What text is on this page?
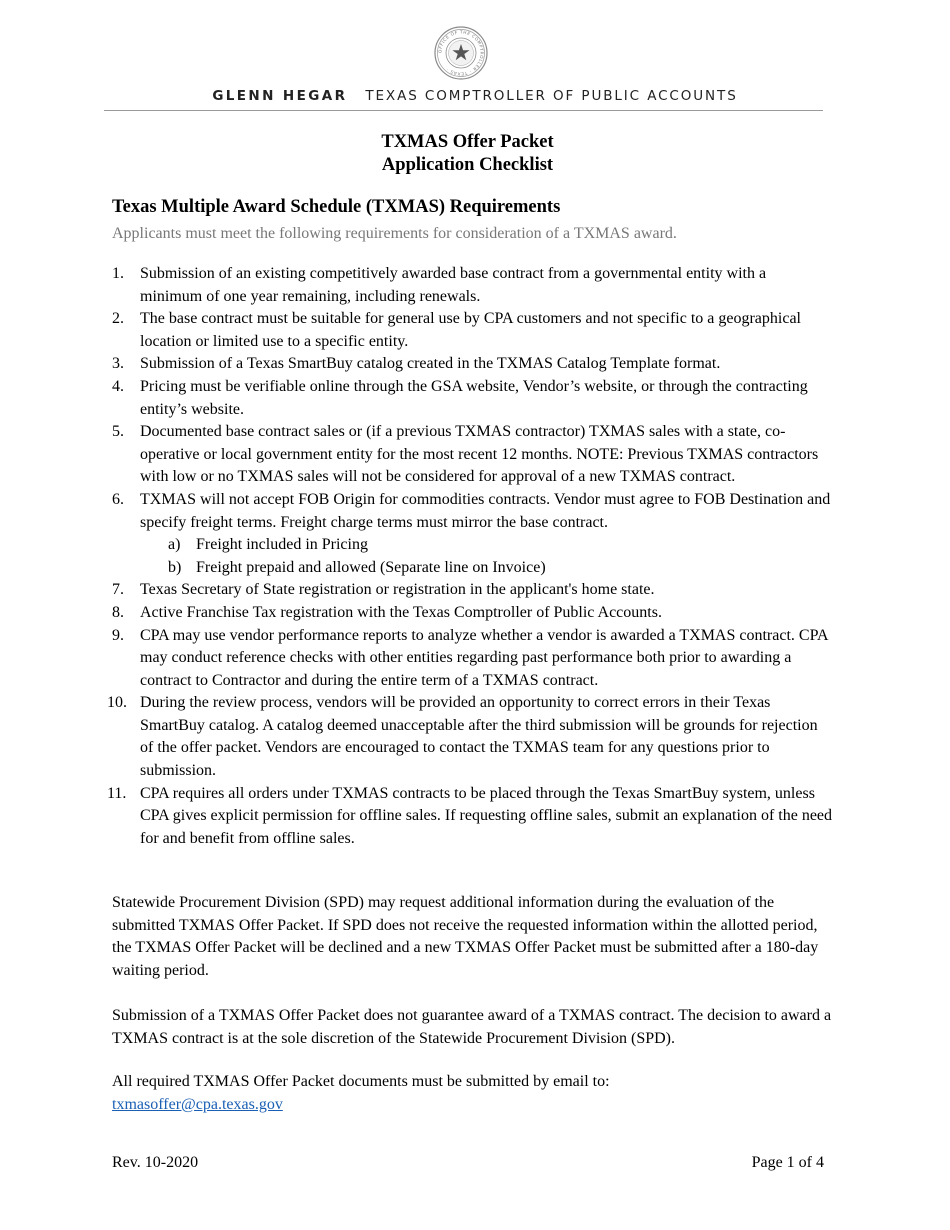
OFFICE OF THE COMPTROLLER · TEXAS ·
GLENN HEGAR TEXAS COMPTROLLER OF PUBLIC ACCOUNTS
TXMAS Offer Packet
Application Checklist
Texas Multiple Award Schedule (TXMAS) Requirements
Applicants must meet the following requirements for consideration of a TXMAS award.
1. Submission of an existing competitively awarded base contract from a governmental entity with a minimum of one year remaining, including renewals.
2. The base contract must be suitable for general use by CPA customers and not specific to a geographical location or limited use to a specific entity.
3. Submission of a Texas SmartBuy catalog created in the TXMAS Catalog Template format.
4. Pricing must be verifiable online through the GSA website, Vendor’s website, or through the contracting entity’s website.
5. Documented base contract sales or (if a previous TXMAS contractor) TXMAS sales with a state, co-operative or local government entity for the most recent 12 months. NOTE: Previous TXMAS contractors with low or no TXMAS sales will not be considered for approval of a new TXMAS contract.
6. TXMAS will not accept FOB Origin for commodities contracts. Vendor must agree to FOB Destination and specify freight terms. Freight charge terms must mirror the base contract.
a) Freight included in Pricing
b) Freight prepaid and allowed (Separate line on Invoice)
7. Texas Secretary of State registration or registration in the applicant's home state.
8. Active Franchise Tax registration with the Texas Comptroller of Public Accounts.
9. CPA may use vendor performance reports to analyze whether a vendor is awarded a TXMAS contract. CPA may conduct reference checks with other entities regarding past performance both prior to awarding a contract to Contractor and during the entire term of a TXMAS contract.
10. During the review process, vendors will be provided an opportunity to correct errors in their Texas SmartBuy catalog. A catalog deemed unacceptable after the third submission will be grounds for rejection of the offer packet. Vendors are encouraged to contact the TXMAS team for any questions prior to submission.
11. CPA requires all orders under TXMAS contracts to be placed through the Texas SmartBuy system, unless CPA gives explicit permission for offline sales. If requesting offline sales, submit an explanation of the need for and benefit from offline sales.

Statewide Procurement Division (SPD) may request additional information during the evaluation of the submitted TXMAS Offer Packet. If SPD does not receive the requested information within the allotted period, the TXMAS Offer Packet will be declined and a new TXMAS Offer Packet must be submitted after a 180-day waiting period.

Submission of a TXMAS Offer Packet does not guarantee award of a TXMAS contract. The decision to award a TXMAS contract is at the sole discretion of the Statewide Procurement Division (SPD).

All required TXMAS Offer Packet documents must be submitted by email to:
txmasoffer@cpa.texas.gov

Rev. 10-2020	Page 1 of 4
